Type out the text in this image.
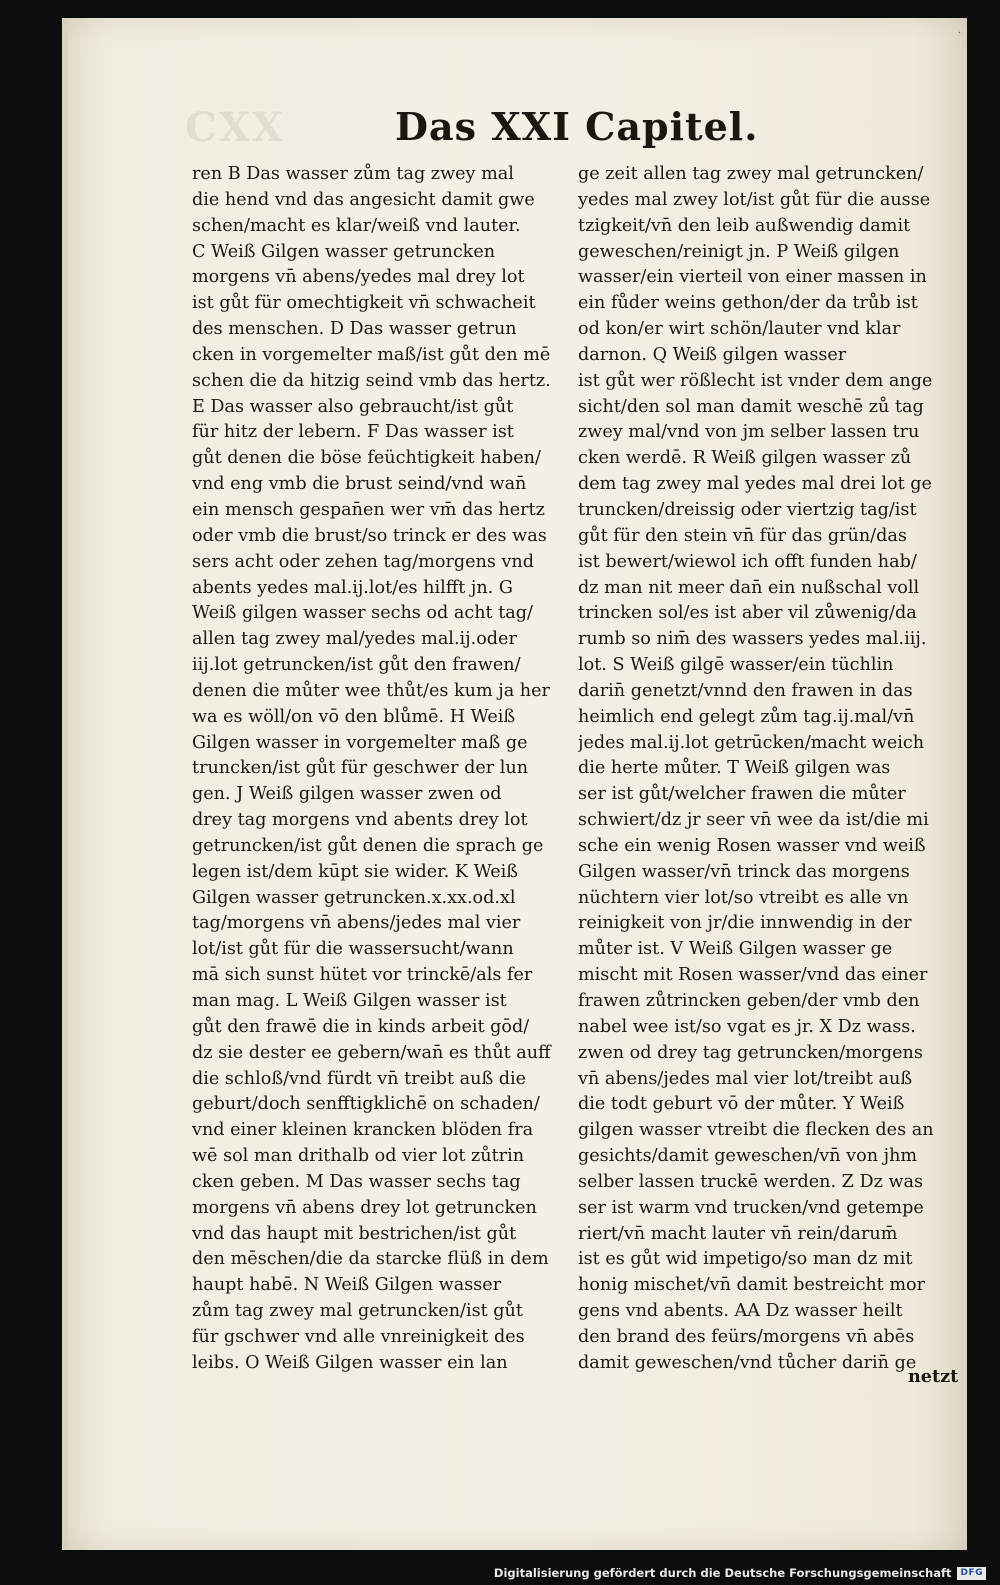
CXX	Das XXI Capitel.
·
ren B Das wasser zům tag zwey mal
die hend vnd das angesicht damit gwe
schen/macht es klar/weiß vnd lauter.
C Weiß Gilgen wasser getruncken
morgens vn̄ abens/yedes mal drey lot
ist gůt für omechtigkeit vn̄ schwacheit
des menschen. D Das wasser getrun
cken in vorgemelter maß/ist gůt den mē
schen die da hitzig seind vmb das hertz.
E Das wasser also gebraucht/ist gůt
für hitz der lebern. F Das wasser ist
gůt denen die böse feüchtigkeit haben/
vnd eng vmb die brust seind/vnd wan̄
ein mensch gespan̄en wer vm̄ das hertz
oder vmb die brust/so trinck er des was
sers acht oder zehen tag/morgens vnd
abents yedes mal.ij.lot/es hilfft jn. G
Weiß gilgen wasser sechs od acht tag/
allen tag zwey mal/yedes mal.ij.oder
iij.lot getruncken/ist gůt den frawen/
denen die můter wee thůt/es kum ja her
wa es wöll/on vō den blůmē. H Weiß
Gilgen wasser in vorgemelter maß ge
truncken/ist gůt für geschwer der lun
gen. J Weiß gilgen wasser zwen od
drey tag morgens vnd abents drey lot
getruncken/ist gůt denen die sprach ge
legen ist/dem kūpt sie wider. K Weiß
Gilgen wasser getruncken.x.xx.od.xl
tag/morgens vn̄ abens/jedes mal vier
lot/ist gůt für die wassersucht/wann
mā sich sunst hütet vor trinckē/als fer
man mag. L Weiß Gilgen wasser ist
gůt den frawē die in kinds arbeit gōd/
dz sie dester ee gebern/wan̄ es thůt auff
die schloß/vnd fürdt vn̄ treibt auß die
geburt/doch senfftigklichē on schaden/
vnd einer kleinen krancken blöden fra
wē sol man drithalb od vier lot zůtrin
cken geben. M Das wasser sechs tag
morgens vn̄ abens drey lot getruncken
vnd das haupt mit bestrichen/ist gůt
den mēschen/die da starcke flüß in dem
haupt habē. N Weiß Gilgen wasser
zům tag zwey mal getruncken/ist gůt
für gschwer vnd alle vnreinigkeit des
leibs. O Weiß Gilgen wasser ein lan
ge zeit allen tag zwey mal getruncken/
yedes mal zwey lot/ist gůt für die ausse
tzigkeit/vn̄ den leib außwendig damit
geweschen/reinigt jn. P Weiß gilgen
wasser/ein vierteil von einer massen in
ein fůder weins gethon/der da trůb ist
od kon/er wirt schön/lauter vnd klar
darnon. Q Weiß gilgen wasser
ist gůt wer rößlecht ist vnder dem ange
sicht/den sol man damit weschē zů tag
zwey mal/vnd von jm selber lassen tru
cken werdē. R Weiß gilgen wasser zů
dem tag zwey mal yedes mal drei lot ge
truncken/dreissig oder viertzig tag/ist
gůt für den stein vn̄ für das grün/das
ist bewert/wiewol ich offt funden hab/
dz man nit meer dan̄ ein nußschal voll
trincken sol/es ist aber vil zůwenig/da
rumb so nim̄ des wassers yedes mal.iij.
lot. S Weiß gilgē wasser/ein tüchlin
darin̄ genetzt/vnnd den frawen in das
heimlich end gelegt zům tag.ij.mal/vn̄
jedes mal.ij.lot getrūcken/macht weich
die herte můter. T Weiß gilgen was
ser ist gůt/welcher frawen die můter
schwiert/dz jr seer vn̄ wee da ist/die mi
sche ein wenig Rosen wasser vnd weiß
Gilgen wasser/vn̄ trinck das morgens
nüchtern vier lot/so vtreibt es alle vn
reinigkeit von jr/die innwendig in der
můter ist. V Weiß Gilgen wasser ge
mischt mit Rosen wasser/vnd das einer
frawen zůtrincken geben/der vmb den
nabel wee ist/so vgat es jr. X Dz wass.
zwen od drey tag getruncken/morgens
vn̄ abens/jedes mal vier lot/treibt auß
die todt geburt vō der můter. Y Weiß
gilgen wasser vtreibt die flecken des an
gesichts/damit geweschen/vn̄ von jhm
selber lassen truckē werden. Z Dz was
ser ist warm vnd trucken/vnd getempe
riert/vn̄ macht lauter vn̄ rein/darum̄
ist es gůt wid impetigo/so man dz mit
honig mischet/vn̄ damit bestreicht mor
gens vnd abents. AA Dz wasser heilt
den brand des feürs/morgens vn̄ abēs
damit geweschen/vnd tůcher darin̄ ge
netzt
Digitalisierung gefördert durch die Deutsche Forschungsgemeinschaft	DFG
